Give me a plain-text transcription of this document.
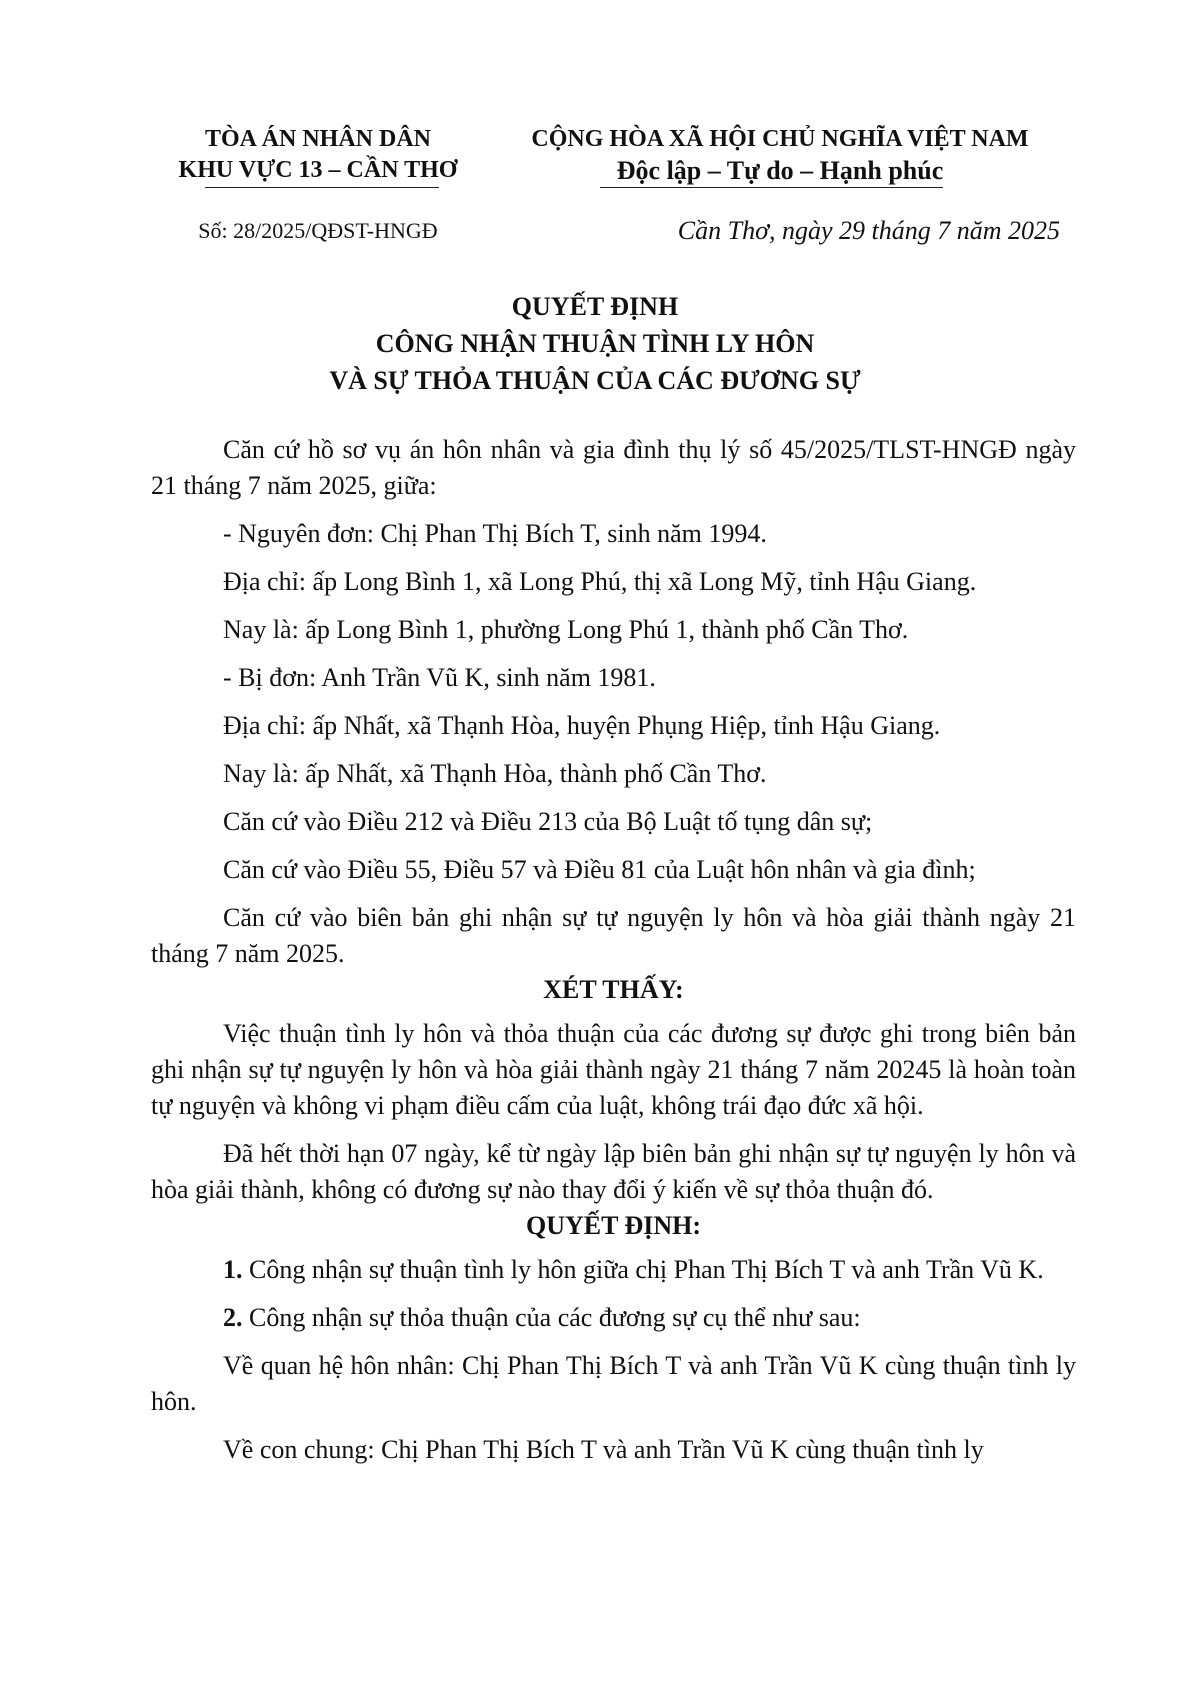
TÒA ÁN NHÂN DÂN
KHU VỰC 13 – CẦN THƠ
CỘNG HÒA XÃ HỘI CHỦ NGHĨA VIỆT NAM
Độc lập – Tự do – Hạnh phúc
Số: 28/2025/QĐST-HNGĐ	Cần Thơ, ngày 29 tháng 7 năm 2025
QUYẾT ĐỊNH
CÔNG NHẬN THUẬN TÌNH LY HÔN
VÀ SỰ THỎA THUẬN CỦA CÁC ĐƯƠNG SỰ

Căn cứ hồ sơ vụ án hôn nhân và gia đình thụ lý số 45/2025/TLST-HNGĐ ngày 21 tháng 7 năm 2025, giữa:

- Nguyên đơn: Chị Phan Thị Bích T, sinh năm 1994.

Địa chỉ: ấp Long Bình 1, xã Long Phú, thị xã Long Mỹ, tỉnh Hậu Giang.

Nay là: ấp Long Bình 1, phường Long Phú 1, thành phố Cần Thơ.

- Bị đơn: Anh Trần Vũ K, sinh năm 1981.

Địa chỉ: ấp Nhất, xã Thạnh Hòa, huyện Phụng Hiệp, tỉnh Hậu Giang.

Nay là: ấp Nhất, xã Thạnh Hòa, thành phố Cần Thơ.

Căn cứ vào Điều 212 và Điều 213 của Bộ Luật tố tụng dân sự;

Căn cứ vào Điều 55, Điều 57 và Điều 81 của Luật hôn nhân và gia đình;

Căn cứ vào biên bản ghi nhận sự tự nguyện ly hôn và hòa giải thành ngày 21 tháng 7 năm 2025.

XÉT THẤY:

Việc thuận tình ly hôn và thỏa thuận của các đương sự được ghi trong biên bản ghi nhận sự tự nguyện ly hôn và hòa giải thành ngày 21 tháng 7 năm 20245 là hoàn toàn tự nguyện và không vi phạm điều cấm của luật, không trái đạo đức xã hội.

Đã hết thời hạn 07 ngày, kể từ ngày lập biên bản ghi nhận sự tự nguyện ly hôn và hòa giải thành, không có đương sự nào thay đổi ý kiến về sự thỏa thuận đó.

QUYẾT ĐỊNH:

1. Công nhận sự thuận tình ly hôn giữa chị Phan Thị Bích T và anh Trần Vũ K.

2. Công nhận sự thỏa thuận của các đương sự cụ thể như sau:

Về quan hệ hôn nhân: Chị Phan Thị Bích T và anh Trần Vũ K cùng thuận tình ly hôn.

Về con chung: Chị Phan Thị Bích T và anh Trần Vũ K cùng thuận tình ly
